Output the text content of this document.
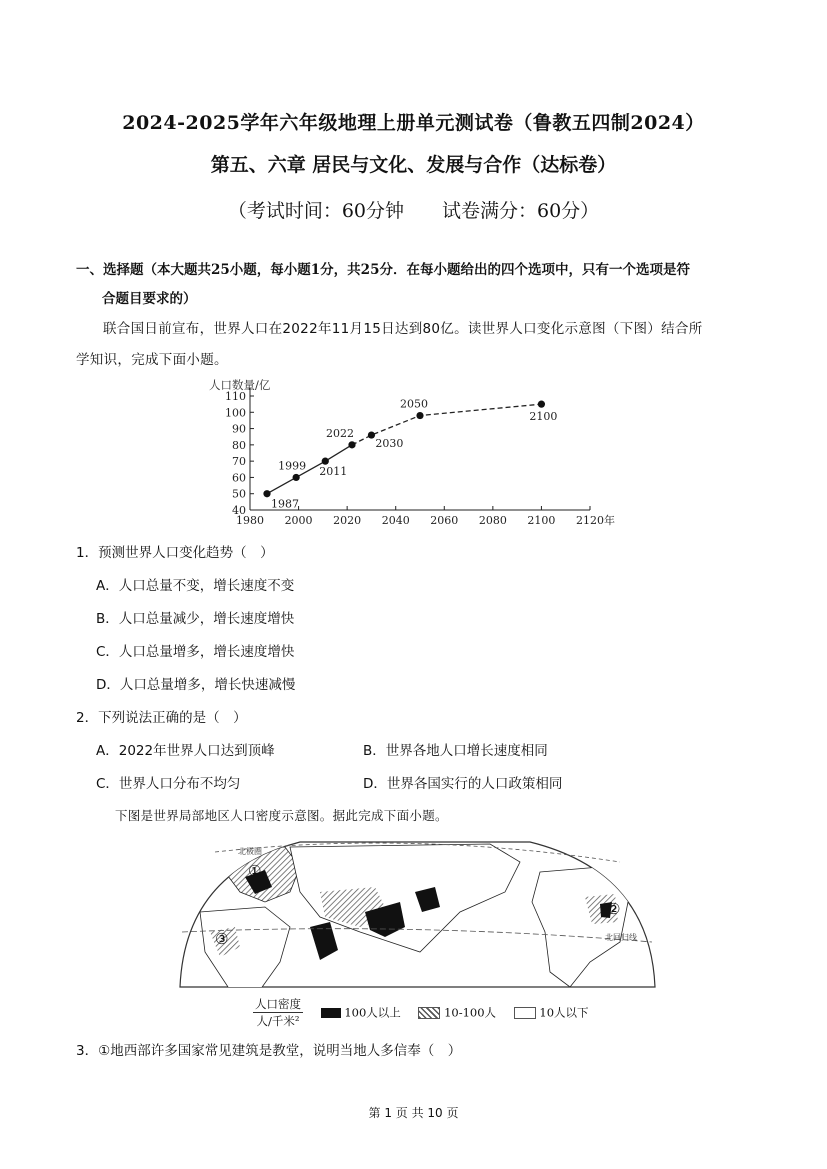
2024-2025学年六年级地理上册单元测试卷（鲁教五四制2024）
第五、六章 居民与文化、发展与合作（达标卷）
（考试时间：60分钟　　试卷满分：60分）
一、选择题（本大题共25小题，每小题1分，共25分．在每小题给出的四个选项中，只有一个选项是符
合题目要求的）
联合国日前宣布，世界人口在2022年11月15日达到80亿。读世界人口变化示意图（下图）结合所
学知识，完成下面小题。
人口数量/亿
40
50
60
70
80
90
100
110
1980 2000 2020 2040 2060 2080 2100 2120 年
1987
1999 2011
2022
2030
2050
2100
1．预测世界人口变化趋势（　）
A．人口总量不变，增长速度不变
B．人口总量减少，增长速度增快
C．人口总量增多，增长速度增快
D．人口总量增多，增长快速减慢
2．下列说法正确的是（　）
A．2022年世界人口达到顶峰	B．世界各地人口增长速度相同
C．世界人口分布不均匀	D．世界各国实行的人口政策相同
下图是世界局部地区人口密度示意图。据此完成下面小题。
北极圈
北回归线
①
②
③
人口密度
人/千米²
100人以上	10-100人	10人以下
3．①地西部许多国家常见建筑是教堂，说明当地人多信奉（　）
第 1 页 共 10 页
